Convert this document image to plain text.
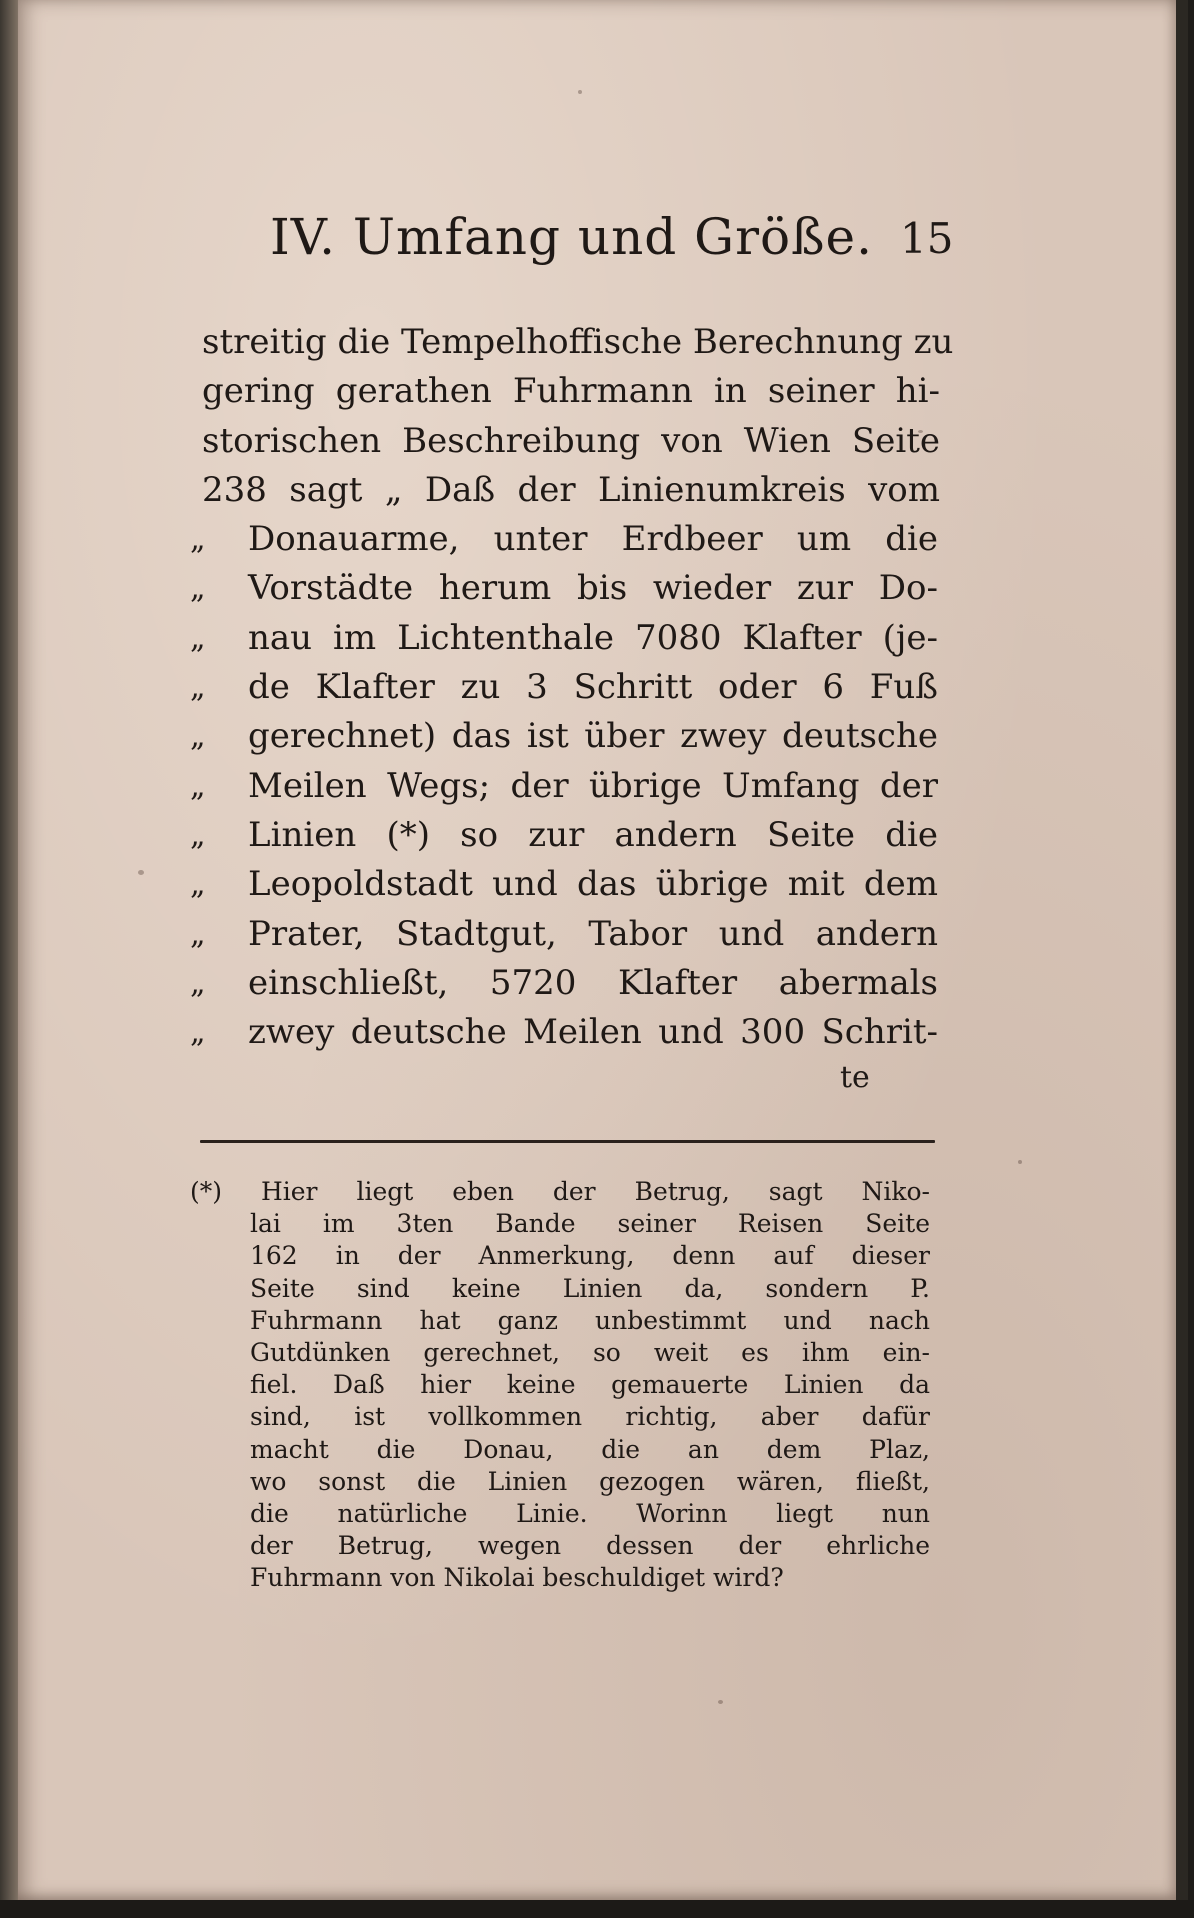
IV. Umfang und Größe. 15
streitig die Tempelhoffische Berechnung zu
gering gerathen Fuhrmann in seiner hi-
storischen Beschreibung von Wien Seite
238 sagt „ Daß der Linienumkreis vom
„	Donauarme, unter Erdbeer um die
„	Vorstädte herum bis wieder zur Do-
„	nau im Lichtenthale 7080 Klafter (je-
„	de Klafter zu 3 Schritt oder 6 Fuß
„	gerechnet) das ist über zwey deutsche
„	Meilen Wegs; der übrige Umfang der
„	Linien (*) so zur andern Seite die
„	Leopoldstadt und das übrige mit dem
„	Prater, Stadtgut, Tabor und andern
„	einschließt, 5720 Klafter abermals
„	zwey deutsche Meilen und 300 Schrit-
te
(*) Hier liegt eben der Betrug, sagt Niko-
lai im 3ten Bande seiner Reisen Seite
162 in der Anmerkung, denn auf dieser
Seite sind keine Linien da, sondern P.
Fuhrmann hat ganz unbestimmt und nach
Gutdünken gerechnet, so weit es ihm ein-
fiel. Daß hier keine gemauerte Linien da
sind, ist vollkommen richtig, aber dafür
macht die Donau, die an dem Plaz,
wo sonst die Linien gezogen wären, fließt,
die natürliche Linie. Worinn liegt nun
der Betrug, wegen dessen der ehrliche
Fuhrmann von Nikolai beschuldiget wird?
